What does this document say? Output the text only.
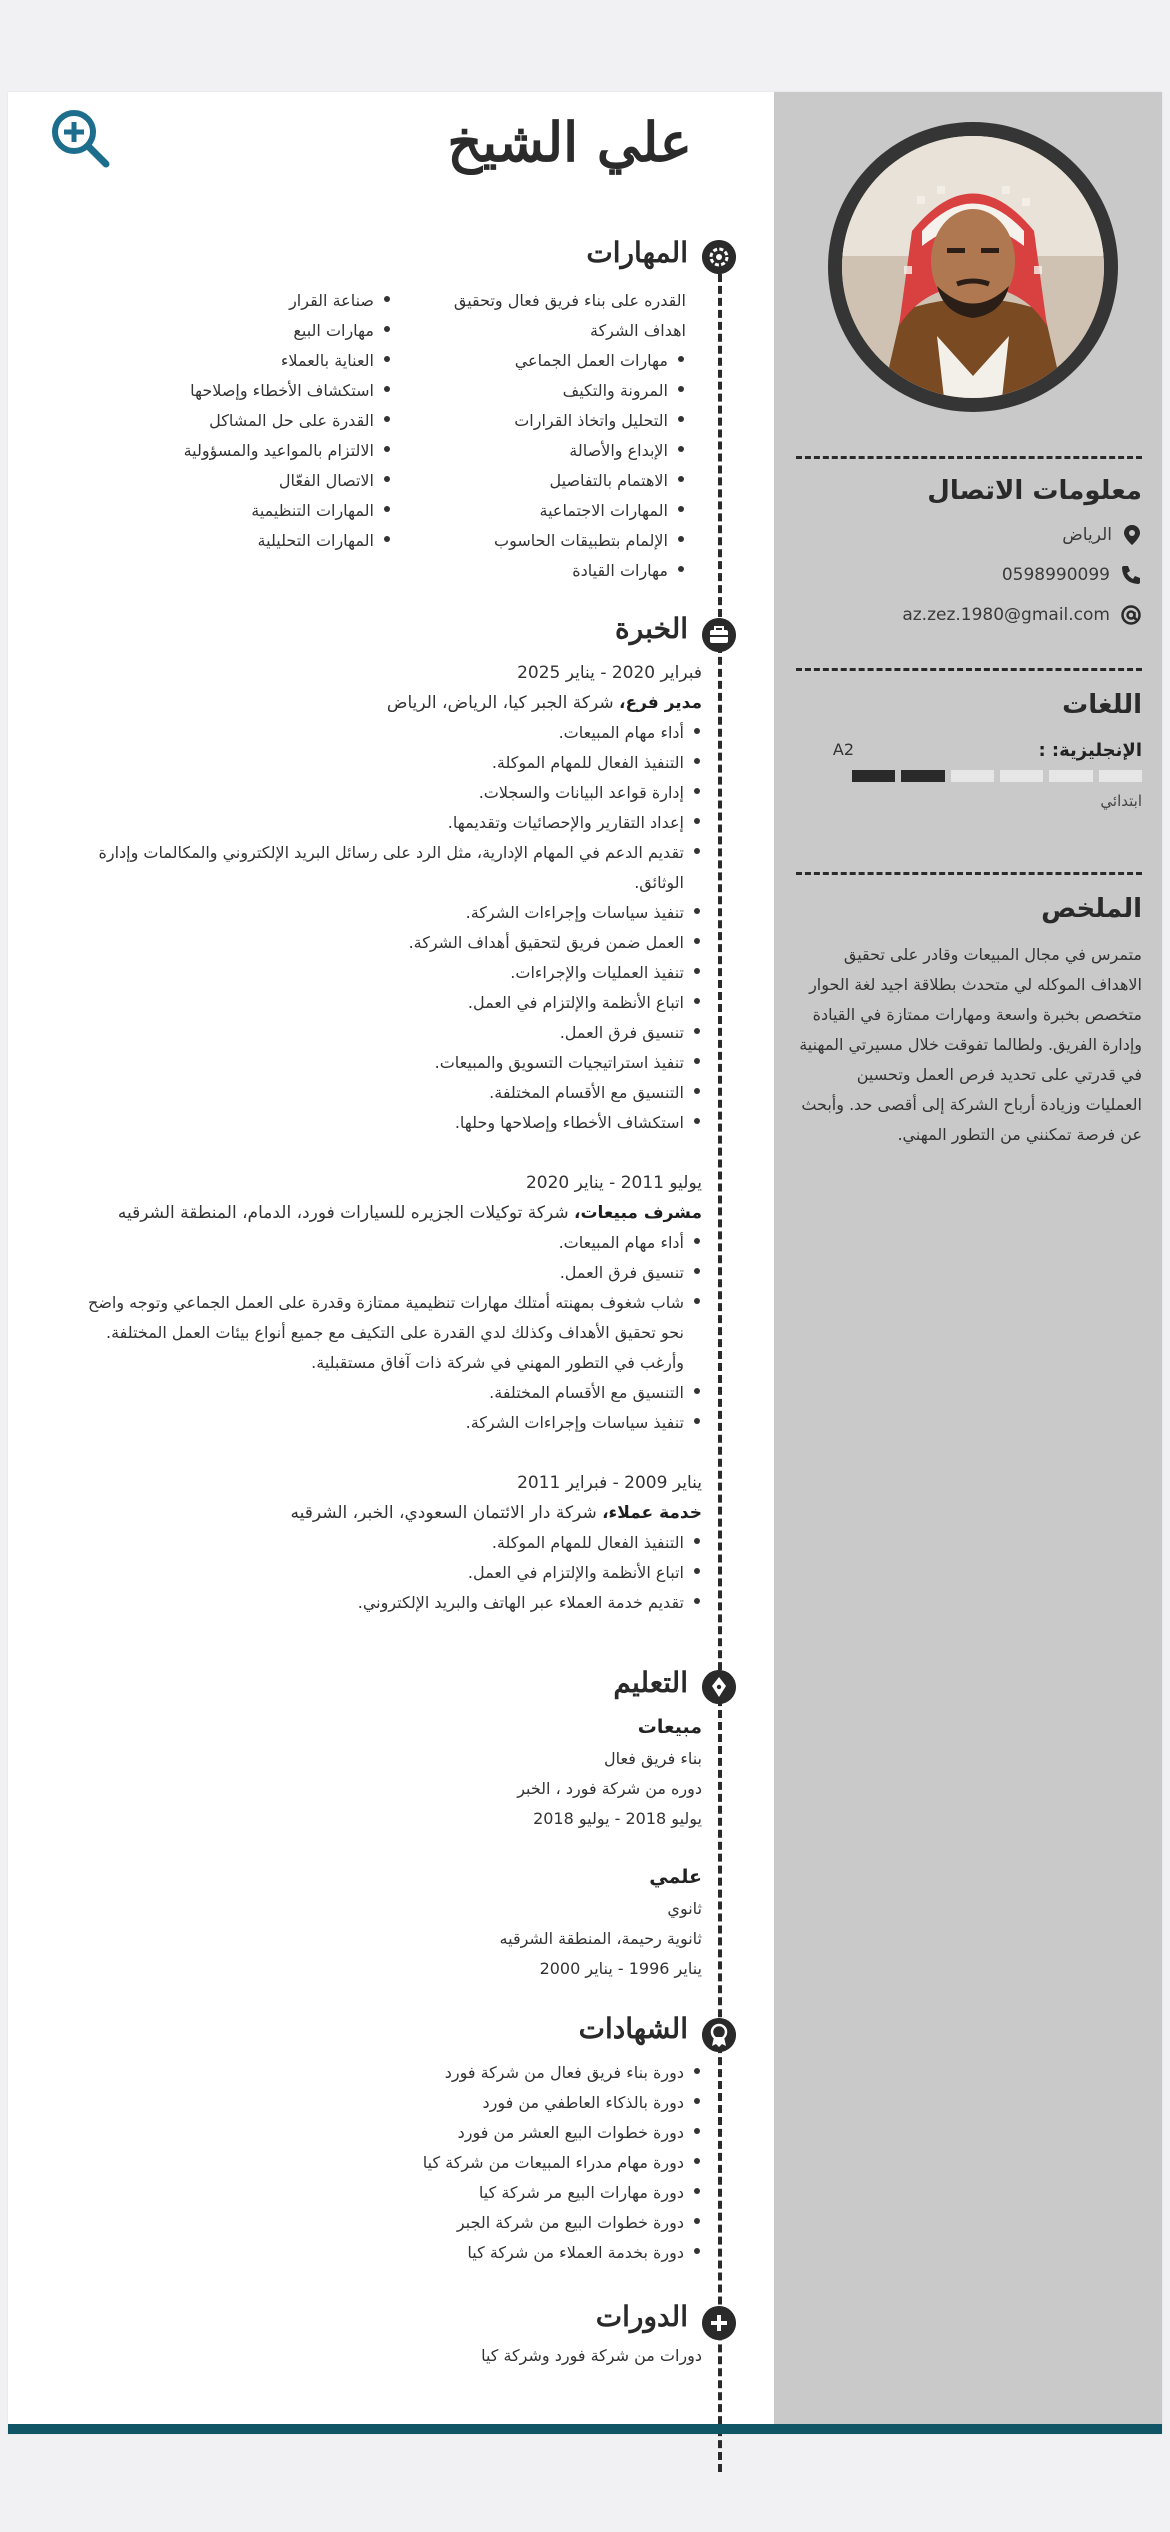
معلومات الاتصال
الرياض
0598990099
az.zez.1980@gmail.com
اللغات
الإنجليزية: :
A2
ابتدائي
الملخص

متمرس في مجال المبيعات وقادر على تحقيق الاهداف الموكله لي متحدث بطلاقة اجيد لغة الحوار

متخصص بخبرة واسعة ومهارات ممتازة في القيادة وإدارة الفريق. ولطالما تفوقت خلال مسيرتي المهنية في قدرتي على تحديد فرص العمل وتحسين العمليات وزيادة أرباح الشركة إلى أقصى حد. وأبحث عن فرصة تمكنني من التطور المهني.

علي الشيخ
المهارات
القدره على بناء فريق فعال وتحقيق اهداف الشركة
مهارات العمل الجماعي
المرونة والتكيف
التحليل واتخاذ القرارات
الإبداع والأصالة
الاهتمام بالتفاصيل
المهارات الاجتماعية
الإلمام بتطبيقات الحاسوب
مهارات القيادة
صناعة القرار
مهارات البيع
العناية بالعملاء
استكشاف الأخطاء وإصلاحها
القدرة على حل المشاكل
الالتزام بالمواعيد والمسؤولية
الاتصال الفعّال
المهارات التنظيمية
المهارات التحليلية
الخبرة
فبراير 2020 - يناير 2025
مدير فرع، شركة الجبر كيا، الرياض، الرياض
أداء مهام المبيعات.
التنفيذ الفعال للمهام الموكلة.
إدارة قواعد البيانات والسجلات.
إعداد التقارير والإحصائيات وتقديمها.
تقديم الدعم في المهام الإدارية، مثل الرد على رسائل البريد الإلكتروني والمكالمات وإدارة الوثائق.
تنفيذ سياسات وإجراءات الشركة.
العمل ضمن فريق لتحقيق أهداف الشركة.
تنفيذ العمليات والإجراءات.
اتباع الأنظمة والإلتزام في العمل.
تنسيق فرق العمل.
تنفيذ استراتيجيات التسويق والمبيعات.
التنسيق مع الأقسام المختلفة.
استكشاف الأخطاء وإصلاحها وحلها.
يوليو 2011 - يناير 2020
مشرف مبيعات، شركة توكيلات الجزيره للسيارات فورد، الدمام، المنطقة الشرقيه
أداء مهام المبيعات.
تنسيق فرق العمل.
شاب شغوف بمهنته أمتلك مهارات تنظيمية ممتازة وقدرة على العمل الجماعي وتوجه واضح نحو تحقيق الأهداف وكذلك لدي القدرة على التكيف مع جميع أنواع بيئات العمل المختلفة. وأرغب في التطور المهني في شركة ذات آفاق مستقبلية.
التنسيق مع الأقسام المختلفة.
تنفيذ سياسات وإجراءات الشركة.
يناير 2009 - فبراير 2011
خدمة عملاء، شركة دار الائتمان السعودي، الخبر، الشرقيه
التنفيذ الفعال للمهام الموكلة.
اتباع الأنظمة والإلتزام في العمل.
تقديم خدمة العملاء عبر الهاتف والبريد الإلكتروني.
التعليم
مبيعات
بناء فريق فعال
دوره من شركة فورد ، الخبر
يوليو 2018 - يوليو 2018
علمي
ثانوي
ثانوية رحيمة، المنطقة الشرقيه
يناير 1996 - يناير 2000
الشهادات
دورة بناء فريق فعال من شركة فورد
دورة بالذكاء العاطفي من فورد
دورة خطوات البيع العشر من فورد
دورة مهام مدراء المبيعات من شركة كيا
دورة مهارات البيع مر شركة كيا
دورة خطوات البيع من شركة الجبر
دورة بخدمة العملاء من شركة كيا
الدورات
دورات من شركة فورد وشركة كيا
